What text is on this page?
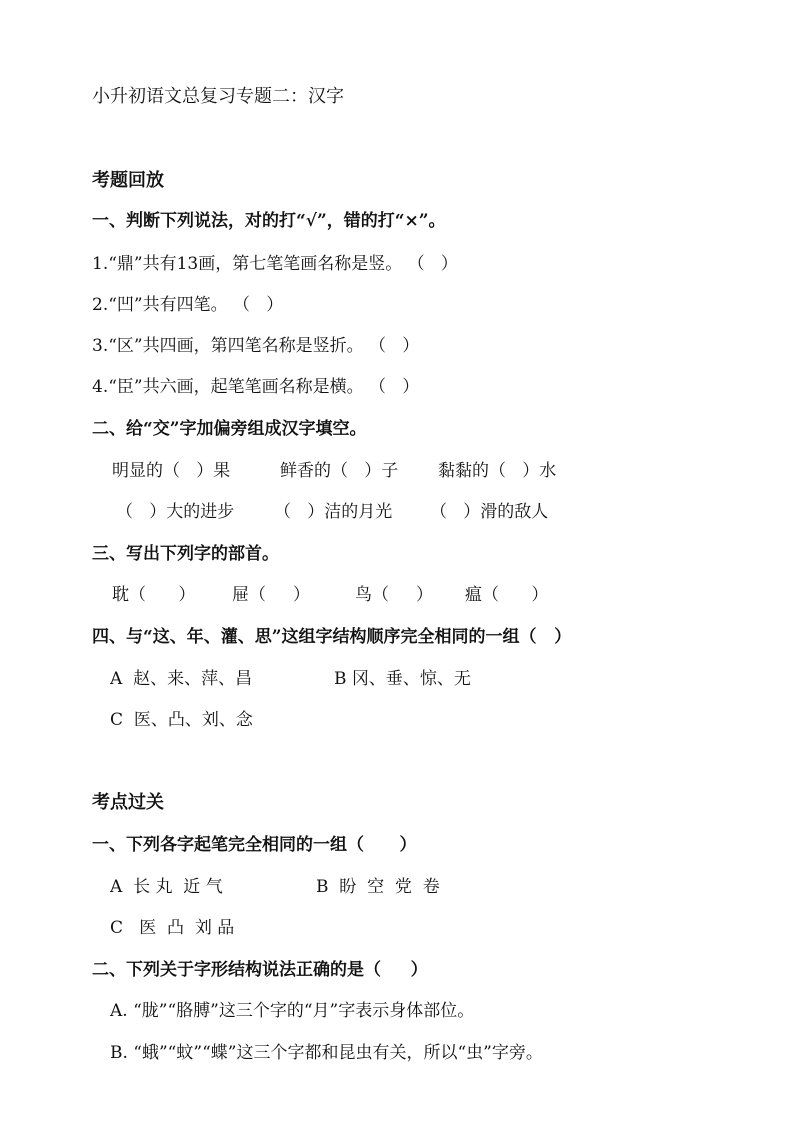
小升初语文总复习专题二：汉字
考题回放
一、判断下列说法，对的打“√”，错的打“×”。
1.“鼎”共有13画，第七笔笔画名称是竖。 （   ）
2.“凹”共有四笔。 （   ）
3.“区”共四画，第四笔名称是竖折。 （   ）
4.“臣”共六画，起笔笔画名称是横。 （   ）
二、给“交”字加偏旁组成汉字填空。
明显的（   ）果	鲜香的（   ）子 黏黏的（   ）水
（   ）大的进步 （   ）洁的月光 （   ）滑的敌人
三、写出下列字的部首。
耽（      ） 屉（     ）	鸟（     ） 瘟（      ）
四、与“这、年、灌、思”这组字结构顺序完全相同的一组（   ）
A  赵、来、萍、昌	B 冈、垂、惊、无
C  医、凸、刘、念
考点过关
一、下列各字起笔完全相同的一组（      ）
A  长 丸  近 气	B  盼  空  党  卷
C   医  凸  刘 品
二、下列关于字形结构说法正确的是（     ）
A. “胧”“胳膊”这三个字的“月”字表示身体部位。
B. “蛾”“蚊”“蝶”这三个字都和昆虫有关，所以“虫”字旁。
